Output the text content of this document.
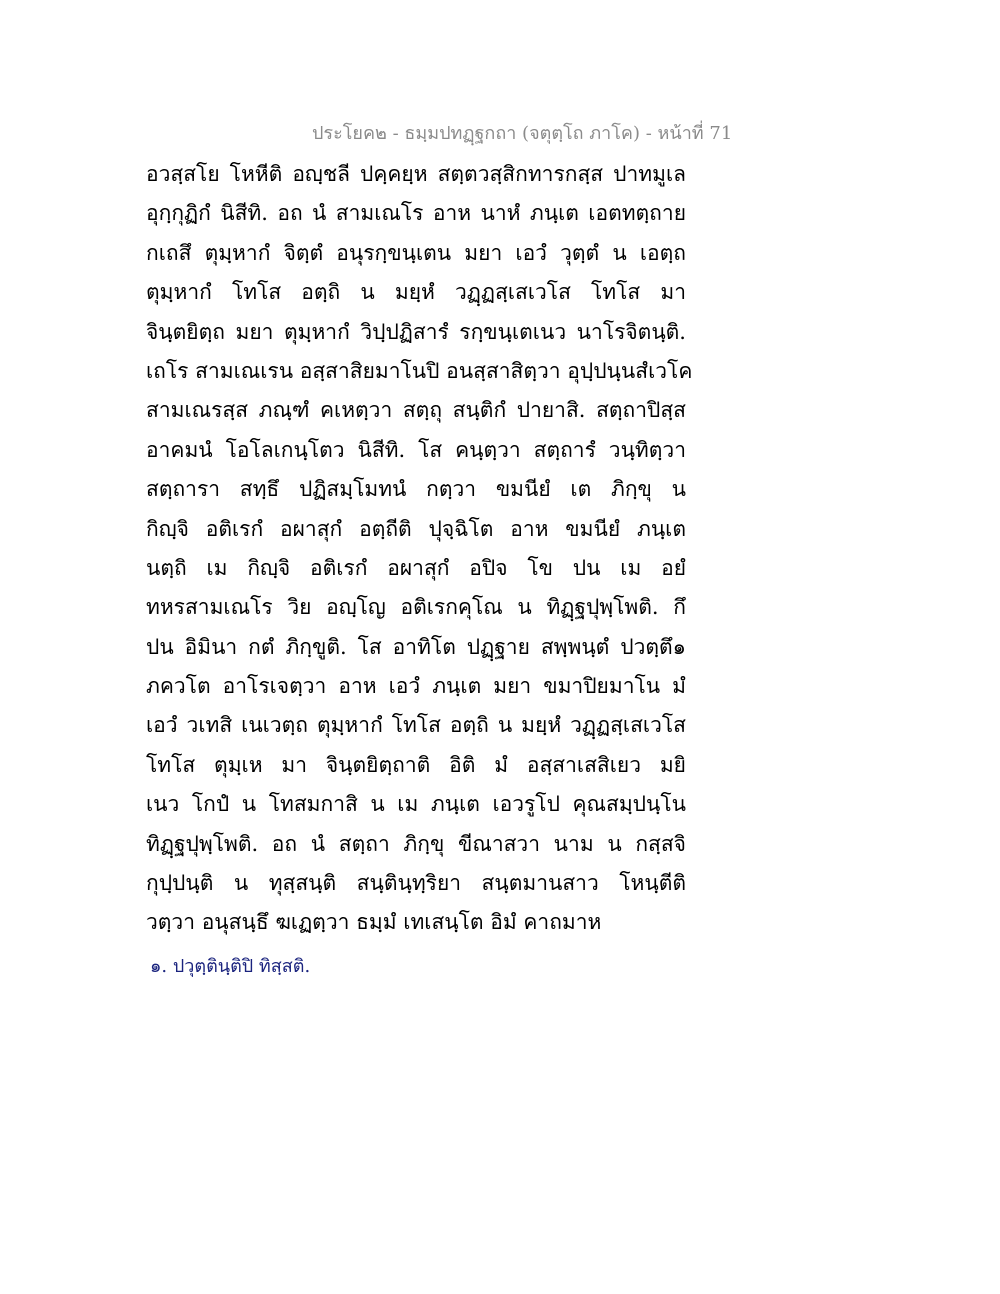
ประโยค๒ - ธมฺมปทฏฺฐกถา (จตุตฺโถ ภาโค) - หน้าที่ 71
อวสฺสโย โหหีติ อญฺชลี ปคฺคยฺห สตฺตวสฺสิกทารกสฺส ปาทมูเล
อุกฺกุฏิกํ นิสีทิ. อถ นํ สามเณโร อาห นาหํ ภนฺเต เอตทตฺถาย
กเถสึ ตุมฺหากํ จิตฺตํ อนุรกฺขนฺเตน มยา เอวํ วุตฺตํ น เอตฺถ
ตุมฺหากํ โทโส อตฺถิ น มยฺหํ วฏฺฏสฺเสเวโส โทโส มา
จินฺตยิตฺถ มยา ตุมฺหากํ วิปฺปฏิสารํ รกฺขนฺเตเนว นาโรจิตนฺติ.
เถโร สามเณเรน อสฺสาสิยมาโนปิ อนสฺสาสิตฺวา อุปฺปนฺนสํเวโค
สามเณรสฺส ภณฺฑํ คเหตฺวา สตฺถุ สนฺติกํ ปายาสิ. สตฺถาปิสฺส
อาคมนํ โอโลเกนฺโตว นิสีทิ. โส คนฺตฺวา สตฺถารํ วนฺทิตฺวา
สตฺถารา สทฺธึ ปฏิสมฺโมทนํ กตฺวา ขมนียํ เต ภิกฺขุ น
กิญฺจิ อติเรกํ อผาสุกํ อตฺถีติ ปุจฺฉิโต อาห ขมนียํ ภนฺเต
นตฺถิ เม กิญฺจิ อติเรกํ อผาสุกํ อปิจ โข ปน เม อยํ
ทหรสามเณโร วิย อญฺโญ อติเรกคุโณ น ทิฏฺฐปุพฺโพติ. กึ
ปน อิมินา กตํ ภิกฺขูติ. โส อาทิโต ปฏฺฐาย สพฺพนฺตํ ปวตฺตึ๑
ภควโต อาโรเจตฺวา อาห เอวํ ภนฺเต มยา ขมาปิยมาโน มํ
เอวํ วเทสิ เนเวตฺถ ตุมฺหากํ โทโส อตฺถิ น มยฺหํ วฏฺฏสฺเสเวโส
โทโส ตุมฺเห มา จินฺตยิตฺถาติ อิติ มํ อสฺสาเสสิเยว มยิ
เนว โกปํ น โทสมกาสิ น เม ภนฺเต เอวรูโป คุณสมฺปนฺโน
ทิฏฺฐปุพฺโพติ. อถ นํ สตฺถา ภิกฺขุ ขีณาสวา นาม น กสฺสจิ
กุปฺปนฺติ น ทุสฺสนฺติ สนฺตินฺทฺริยา สนฺตมานสาว โหนฺตีติ
วตฺวา อนุสนฺธึ ฆเฏตฺวา ธมฺมํ เทเสนฺโต อิมํ คาถมาห
๑. ปวุตฺตินฺติปิ ทิสฺสติ.
